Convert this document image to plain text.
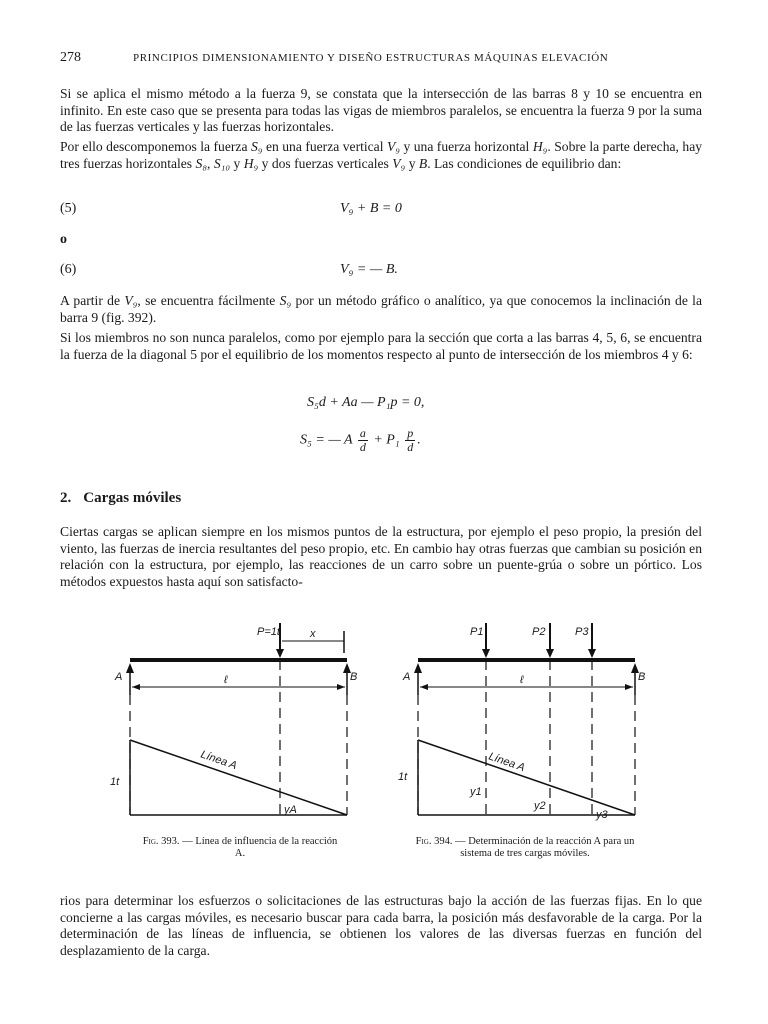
278	PRINCIPIOS DIMENSIONAMIENTO Y DISEÑO ESTRUCTURAS MÁQUINAS ELEVACIÓN
Si se aplica el mismo método a la fuerza 9, se constata que la intersección de las barras 8 y 10 se encuentra en infinito. En este caso que se presenta para todas las vigas de miembros paralelos, se encuentra la fuerza 9 por la suma de las fuerzas verticales y las fuerzas horizontales.
Por ello descomponemos la fuerza S₉ en una fuerza vertical V₉ y una fuerza horizontal H₉. Sobre la parte derecha, hay tres fuerzas horizontales S₈, S₁₀ y H₉ y dos fuerzas verticales V₉ y B. Las condiciones de equilibrio dan:
(5)	V₉ + B = 0
o
(6)	V₉ = — B.
A partir de V₉, se encuentra fácilmente S₉ por un método gráfico o analítico, ya que conocemos la inclinación de la barra 9 (fig. 392).
Si los miembros no son nunca paralelos, como por ejemplo para la sección que corta a las barras 4, 5, 6, se encuentra la fuerza de la diagonal 5 por el equilibrio de los momentos respecto al punto de intersección de los miembros 4 y 6:
S₅d + Aa — P₁p = 0,
S₅ = — A $\frac{a}{d} + P_1 \frac{p}{d}$ .
2. Cargas móviles
Ciertas cargas se aplican siempre en los mismos puntos de la estructura, por ejemplo el peso propio, la presión del viento, las fuerzas de inercia resultantes del peso propio, etc. En cambio hay otras fuerzas que cambian su posición en relación con la estructura, por ejemplo, las reacciones de un carro sobre un puente-grúa o sobre un pórtico. Los métodos expuestos hasta aquí son satisfacto-
A	B
P=1t	x
ℓ
1t
Línea A
yA
Fig. 393. — Línea de influencia de la reacción A.
A	B
P1	P2	P3
ℓ
1t
Línea A
y1
y2
y3
Fig. 394. — Determinación de la reacción A para un sistema de tres cargas móviles.
rios para determinar los esfuerzos o solicitaciones de las estructuras bajo la acción de las fuerzas fijas. En lo que concierne a las cargas móviles, es necesario buscar para cada barra, la posición más desfavorable de la carga. Por la determinación de las líneas de influencia, se obtienen los valores de las diversas fuerzas en función del desplazamiento de la carga.
